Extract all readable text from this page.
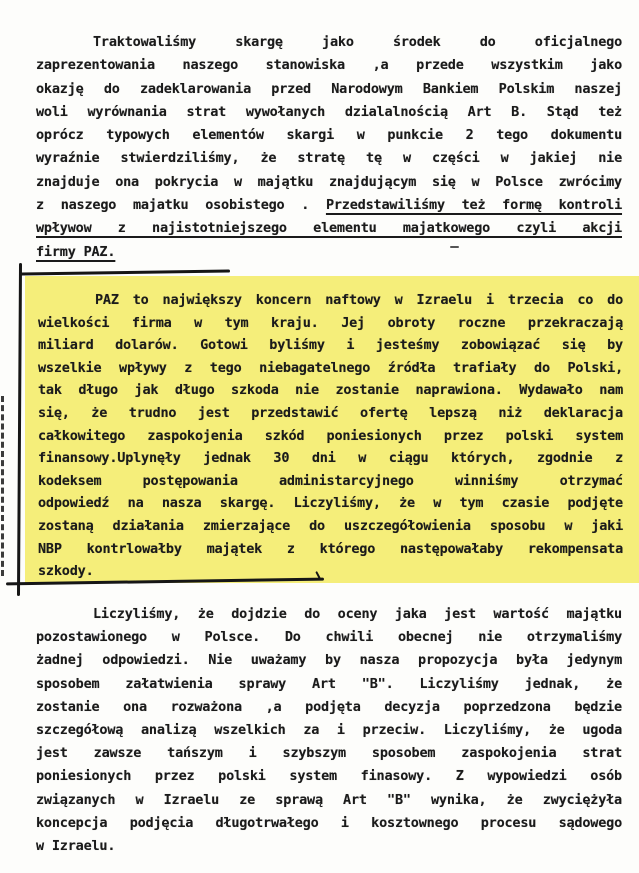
Traktowaliśmy skargę jako środek do oficjalnego
zaprezentowania naszego stanowiska ,a przede wszystkim jako
okazję do zadeklarowania przed Narodowym Bankiem Polskim naszej
woli wyrównania strat wywołanych dzialalnością Art B. Stąd też
oprócz typowych elementów skargi w punkcie 2 tego dokumentu
wyraźnie stwierdziliśmy, że stratę tę w części w jakiej nie
znajduje ona pokrycia w majątku znajdującym się w Polsce zwrócimy
z naszego majatku osobistego . Przedstawiliśmy też formę kontroli
wpływow z najistotniejszego elementu majatkowego czyli akcji
firmy PAZ.
PAZ to największy koncern naftowy w Izraelu i trzecia co do
wielkości firma w tym kraju. Jej obroty roczne przekraczają
miliard dolarów. Gotowi byliśmy i jesteśmy zobowiązać się by
wszelkie wpływy z tego niebagatelnego źródła trafiały do Polski,
tak długo jak długo szkoda nie zostanie naprawiona. Wydawało nam
się, że trudno jest przedstawić ofertę lepszą niż deklaracja
całkowitego zaspokojenia szkód poniesionych przez polski system
finansowy.Uplynęły jednak 30 dni w ciągu których, zgodnie z
kodeksem postępowania administarcyjnego winniśmy otrzymać
odpowiedź na nasza skargę. Liczyliśmy, że w tym czasie podjęte
zostaną działania zmierzające do uszczegółowienia sposobu w jaki
NBP kontrlowałby majątek z którego następowałaby rekompensata
szkody.
Liczyliśmy, że dojdzie do oceny jaka jest wartość majątku
pozostawionego w Polsce. Do chwili obecnej nie otrzymaliśmy
żadnej odpowiedzi. Nie uważamy by nasza propozycja była jedynym
sposobem załatwienia sprawy Art "B". Liczyliśmy jednak, że
zostanie ona rozważona ,a podjęta decyzja poprzedzona będzie
szczegółową analizą wszelkich za i przeciw. Liczyliśmy, że ugoda
jest zawsze tańszym i szybszym sposobem zaspokojenia strat
poniesionych przez polski system finasowy. Z wypowiedzi osób
związanych w Izraelu ze sprawą Art "B" wynika, że zwyciężyła
koncepcja podjęcia długotrwałego i kosztownego procesu sądowego
w Izraelu.
